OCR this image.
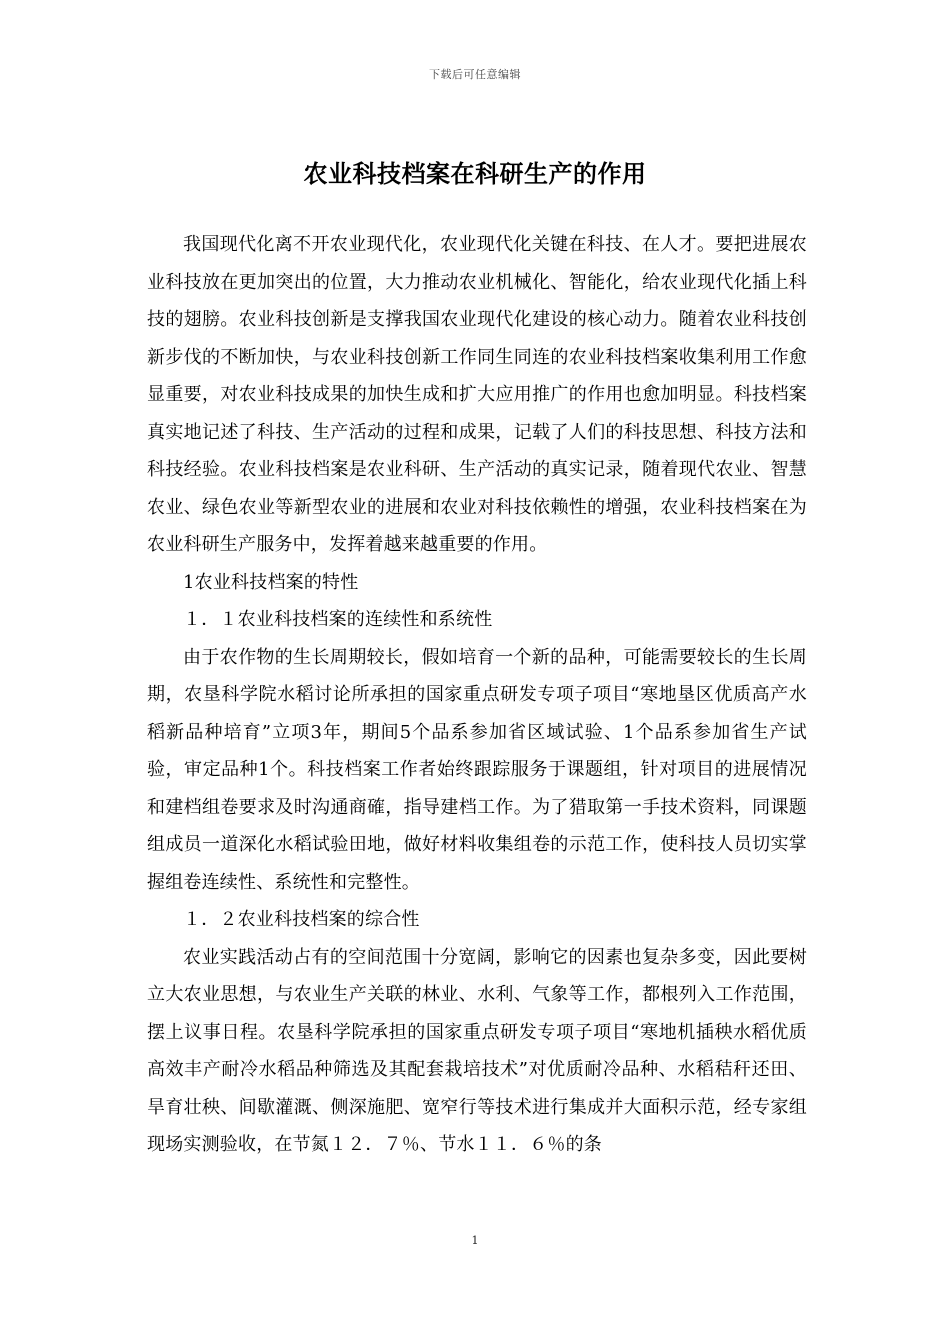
下载后可任意编辑
农业科技档案在科研生产的作用

我国现代化离不开农业现代化，农业现代化关键在科技、在人才。要把进展农业科技放在更加突出的位置，大力推动农业机械化、智能化，给农业现代化插上科技的翅膀。农业科技创新是支撑我国农业现代化建设的核心动力。随着农业科技创新步伐的不断加快，与农业科技创新工作同生同连的农业科技档案收集利用工作愈显重要，对农业科技成果的加快生成和扩大应用推广的作用也愈加明显。科技档案真实地记述了科技、生产活动的过程和成果，记载了人们的科技思想、科技方法和科技经验。农业科技档案是农业科研、生产活动的真实记录，随着现代农业、智慧农业、绿色农业等新型农业的进展和农业对科技依赖性的增强，农业科技档案在为农业科研生产服务中，发挥着越来越重要的作用。

1农业科技档案的特性

１．１农业科技档案的连续性和系统性

由于农作物的生长周期较长，假如培育一个新的品种，可能需要较长的生长周期，农垦科学院水稻讨论所承担的国家重点研发专项子项目“寒地垦区优质高产水稻新品种培育”立项3年，期间5个品系参加省区域试验、1个品系参加省生产试验，审定品种1个。科技档案工作者始终跟踪服务于课题组，针对项目的进展情况和建档组卷要求及时沟通商確，指导建档工作。为了猎取第一手技术资料，同课题组成员一道深化水稻试验田地，做好材料收集组卷的示范工作，使科技人员切实掌握组卷连续性、系统性和完整性。

１．２农业科技档案的综合性

农业实践活动占有的空间范围十分宽阔，影响它的因素也复杂多变，因此要树立大农业思想，与农业生产关联的林业、水利、气象等工作，都根列入工作范围，摆上议事日程。农垦科学院承担的国家重点研发专项子项目“寒地机插秧水稻优质高效丰产耐冷水稻品种筛选及其配套栽培技术”对优质耐冷品种、水稻秸秆还田、旱育壮秧、间歇灌溉、侧深施肥、宽窄行等技术进行集成并大面积示范，经专家组现场实测验收，在节氮１２．７％、节水１１．６％的条

1
